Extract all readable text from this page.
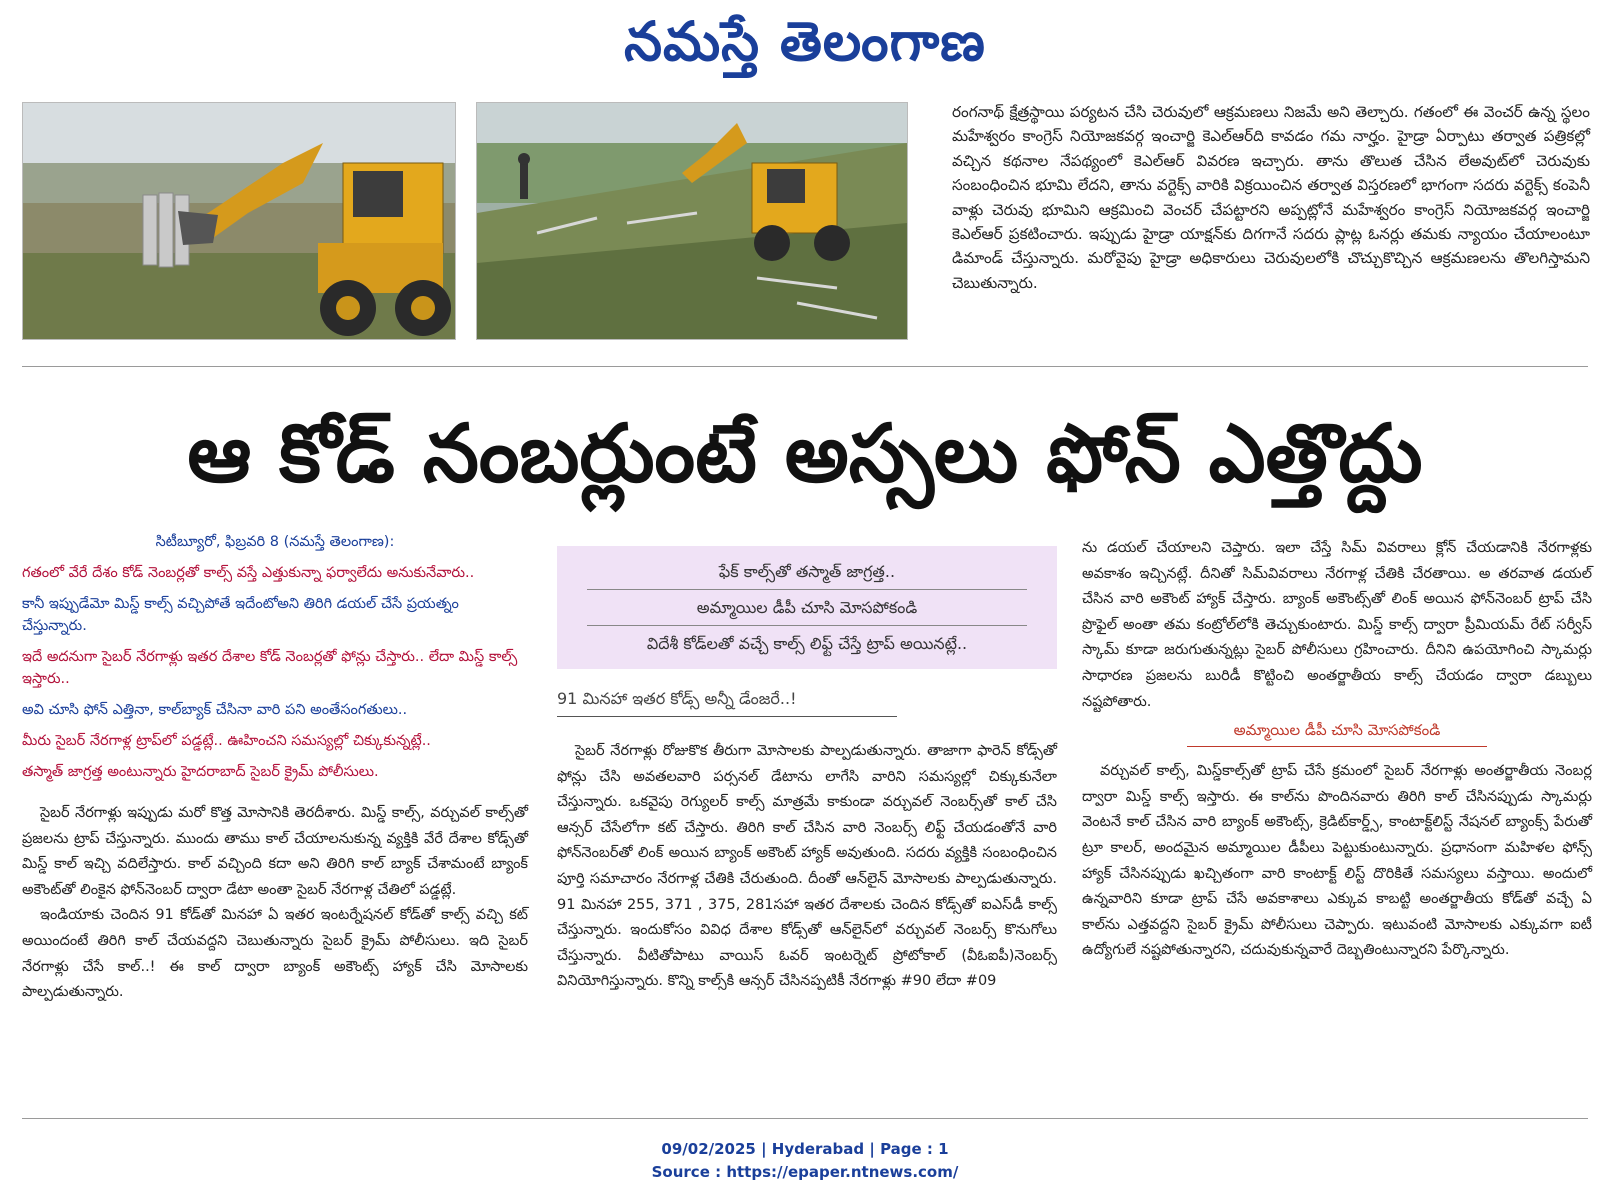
నమస్తే తెలంగాణ
రంగనాథ్ క్షేత్రస్థాయి పర్యటన చేసి చెరువులో ఆక్రమణలు నిజమే అని తెల్చారు. గతంలో ఈ వెంచర్ ఉన్న స్థలం మహేశ్వరం కాంగ్రెస్ నియోజకవర్గ ఇంచార్జి కెఎల్ఆర్‌ది కావడం గమ నార్హం. హైడ్రా ఏర్పాటు తర్వాత పత్రికల్లో వచ్చిన కథనాల నేపథ్యంలో కెఎల్ఆర్ వివరణ ఇచ్చారు. తాను తొలుత చేసిన లేఅవుట్‌లో చెరువుకు సంబంధించిన భూమి లేదని, తాను వర్టెక్స్ వారికి విక్రయించిన తర్వాత విస్తరణలో భాగంగా సదరు వర్టెక్స్ కంపెనీ వాళ్లు చెరువు భూమిని ఆక్రమించి వెంచర్ చేపట్టారని అప్పట్లోనే మహేశ్వరం కాంగ్రెస్ నియోజకవర్గ ఇంచార్జి కెఎల్ఆర్ ప్రకటించారు. ఇప్పుడు హైడ్రా యాక్షన్‌కు దిగగానే సదరు ప్లాట్ల ఓనర్లు తమకు న్యాయం చేయాలంటూ డిమాండ్ చేస్తున్నారు. మరోవైపు హైడ్రా అధికారులు చెరువులలోకి చొచ్చుకొచ్చిన ఆక్రమణలను తొలగిస్తామని చెబుతున్నారు.
ఆ కోడ్ నంబర్లుంటే అస్సలు ఫోన్ ఎత్తొద్దు
సిటీబ్యూరో, ఫిబ్రవరి 8 (నమస్తే తెలంగాణ):
గతంలో వేరే దేశం కోడ్ నెంబర్లతో కాల్స్ వస్తే ఎత్తుకున్నా ఫర్వాలేదు అనుకునేవారు..
కానీ ఇప్పుడేమో మిస్డ్ కాల్స్ వచ్చిపోతే ఇదేంటోఅని తిరిగి డయల్ చేసే ప్రయత్నం చేస్తున్నారు.
ఇదే అదనుగా సైబర్ నేరగాళ్లు ఇతర దేశాల కోడ్ నెంబర్లతో ఫోన్లు చేస్తారు.. లేదా మిస్డ్ కాల్స్ ఇస్తారు..
అవి చూసి ఫోన్ ఎత్తినా, కాల్‌బ్యాక్ చేసినా వారి పని అంతేసంగతులు..
మీరు సైబర్ నేరగాళ్ల ట్రాప్‌లో పడ్డట్లే.. ఊహించని సమస్యల్లో చిక్కుకున్నట్లే..
తస్మాత్ జాగ్రత్త అంటున్నారు హైదరాబాద్ సైబర్ క్రైమ్ పోలీసులు.

సైబర్ నేరగాళ్లు ఇప్పుడు మరో కొత్త మోసానికి తెరదీశారు. మిస్డ్ కాల్స్, వర్చువల్ కాల్స్‌తో ప్రజలను ట్రాప్ చేస్తున్నారు. ముందు తాము కాల్ చేయాలనుకున్న వ్యక్తికి వేరే దేశాల కోడ్స్‌తో మిస్డ్ కాల్ ఇచ్చి వదిలేస్తారు. కాల్ వచ్చింది కదా అని తిరిగి కాల్ బ్యాక్ చేశామంటే బ్యాంక్ అకౌంట్‌తో లింకైన ఫోన్‌నెంబర్ ద్వారా డేటా అంతా సైబర్ నేరగాళ్ల చేతిలో పడ్డట్లే.

ఇండియాకు చెందిన 91 కోడ్‌తో మినహా ఏ ఇతర ఇంటర్నేషనల్ కోడ్‌తో కాల్స్ వచ్చి కట్ అయిందంటే తిరిగి కాల్ చేయవద్దని చెబుతున్నారు సైబర్ క్రైమ్ పోలీసులు. ఇది సైబర్ నేరగాళ్లు చేసే కాల్..! ఈ కాల్ ద్వారా బ్యాంక్ అకౌంట్స్ హ్యాక్ చేసి మోసాలకు పాల్పడుతున్నారు.

ఫేక్ కాల్స్‌తో తస్మాత్ జాగ్రత్త..
అమ్మాయిల డీపీ చూసి మోసపోకండి
విదేశీ కోడ్‌లతో వచ్చే కాల్స్ లిఫ్ట్ చేస్తే ట్రాప్ అయినట్లే..
91 మినహా ఇతర కోడ్స్ అన్నీ డేంజరే..!

సైబర్ నేరగాళ్లు రోజుకొక తీరుగా మోసాలకు పాల్పడుతున్నారు. తాజాగా ఫారెన్ కోడ్స్‌తో ఫోన్లు చేసి అవతలవారి పర్సనల్ డేటాను లాగేసి వారిని సమస్యల్లో చిక్కుకునేలా చేస్తున్నారు. ఒకవైపు రెగ్యులర్ కాల్స్ మాత్రమే కాకుండా వర్చువల్ నెంబర్స్‌తో కాల్ చేసి ఆన్సర్ చేసేలోగా కట్ చేస్తారు. తిరిగి కాల్ చేసిన వారి నెంబర్స్ లిఫ్ట్ చేయడంతోనే వారి ఫోన్‌నెంబర్‌తో లింక్ అయిన బ్యాంక్ అకౌంట్ హ్యాక్ అవుతుంది. సదరు వ్యక్తికి సంబంధించిన పూర్తి సమాచారం నేరగాళ్ల చేతికి చేరుతుంది. దీంతో ఆన్‌లైన్ మోసాలకు పాల్పడుతున్నారు. 91 మినహా 255, 371 , 375, 281సహా ఇతర దేశాలకు చెందిన కోడ్స్‌తో ఐఎస్‌డీ కాల్స్ చేస్తున్నారు. ఇందుకోసం వివిధ దేశాల కోడ్స్‌తో ఆన్‌లైన్‌లో వర్చువల్ నెంబర్స్ కొనుగోలు చేస్తున్నారు. వీటితోపాటు వాయిస్ ఓవర్ ఇంటర్నెట్ ప్రోటోకాల్ (వీఓఐపీ)నెంబర్స్ వినియోగిస్తున్నారు. కొన్ని కాల్స్‌కి ఆన్సర్ చేసినప్పటికీ నేరగాళ్లు #90 లేదా #09

ను డయల్ చేయాలని చెప్తారు. ఇలా చేస్తే సిమ్ వివరాలు క్లోన్ చేయడానికి నేరగాళ్లకు అవకాశం ఇచ్చినట్లే. దీనితో సిమ్‌వివరాలు నేరగాళ్ల చేతికి చేరతాయి. అ తరవాత డయల్ చేసిన వారి అకౌంట్ హ్యాక్ చేస్తారు. బ్యాంక్ అకౌంట్స్‌తో లింక్ అయిన ఫోన్‌నెంబర్ ట్రాప్ చేసి ప్రొఫైల్ అంతా తమ కంట్రోల్‌లోకి తెచ్చుకుంటారు. మిస్డ్ కాల్స్ ద్వారా ప్రీమియమ్ రేట్ సర్వీస్ స్కామ్ కూడా జరుగుతున్నట్లు సైబర్ పోలీసులు గ్రహించారు. దీనిని ఉపయోగించి స్కామర్లు సాధారణ ప్రజలను బురిడీ కొట్టించి అంతర్జాతీయ కాల్స్ చేయడం ద్వారా డబ్బులు నష్టపోతారు.

అమ్మాయిల డీపీ చూసి మోసపోకండి

వర్చువల్ కాల్స్, మిస్డ్‌కాల్స్‌తో ట్రాప్ చేసే క్రమంలో సైబర్ నేరగాళ్లు అంతర్జాతీయ నెంబర్ల ద్వారా మిస్డ్ కాల్స్ ఇస్తారు. ఈ కాల్‌ను పొందినవారు తిరిగి కాల్ చేసినప్పుడు స్కామర్లు వెంటనే కాల్ చేసిన వారి బ్యాంక్ అకౌంట్స్, క్రెడిట్‌కార్డ్స్, కాంటాక్ట్‌లిస్ట్ నేషనల్ బ్యాంక్స్ పేరుతో ట్రూ కాలర్, అందమైన అమ్మాయిల డీపీలు పెట్టుకుంటున్నారు. ప్రధానంగా మహిళల ఫోన్స్ హ్యాక్ చేసినప్పుడు ఖచ్చితంగా వారి కాంటాక్ట్ లిస్ట్ దొరికితే సమస్యలు వస్తాయి. అందులో ఉన్నవారిని కూడా ట్రాప్ చేసే అవకాశాలు ఎక్కువ కాబట్టి అంతర్జాతీయ కోడ్‌తో వచ్చే ఏ కాల్‌ను ఎత్తవద్దని సైబర్ క్రైమ్ పోలీసులు చెప్పారు. ఇటువంటి మోసాలకు ఎక్కువగా ఐటీ ఉద్యోగులే నష్టపోతున్నారని, చదువుకున్నవారే దెబ్బతింటున్నారని పేర్కొన్నారు.

09/02/2025 | Hyderabad | Page : 1
Source : https://epaper.ntnews.com/
